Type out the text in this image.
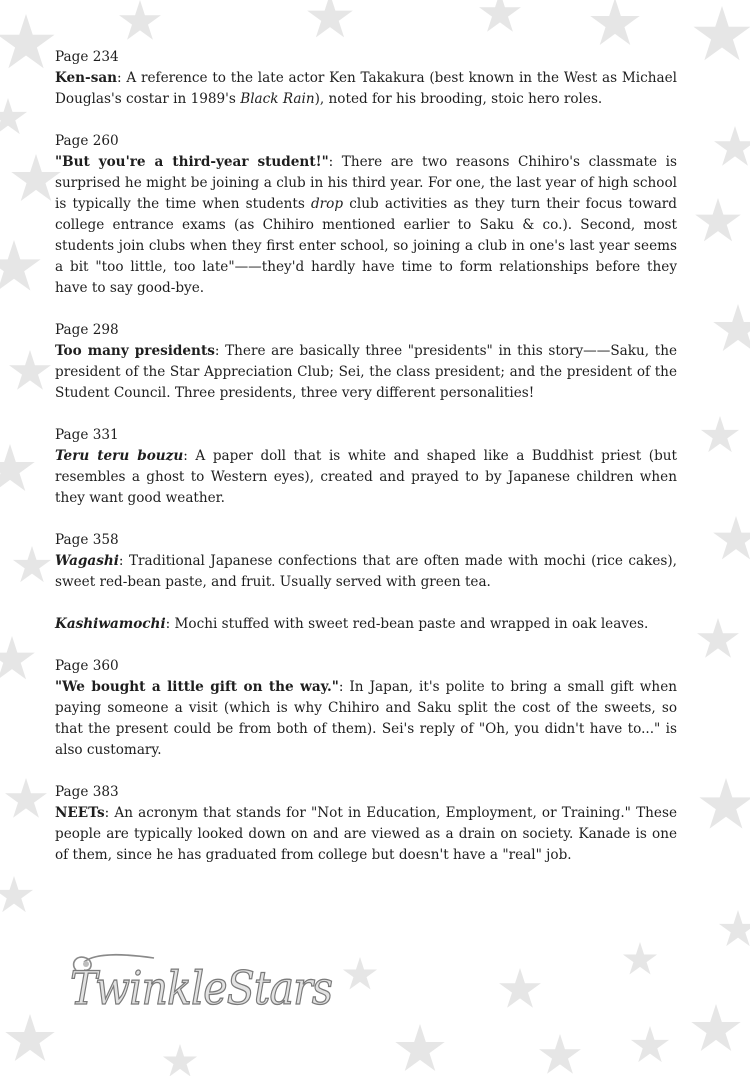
Page 234

Ken-san: A reference to the late actor Ken Takakura (best known in the West as Michael Douglas's costar in 1989's Black Rain), noted for his brooding, stoic hero roles.

Page 260

"But you're a third-year student!": There are two reasons Chihiro's classmate is surprised he might be joining a club in his third year. For one, the last year of high school is typically the time when students drop club activities as they turn their focus toward college entrance exams (as Chihiro mentioned earlier to Saku & co.). Second, most students join clubs when they first enter school, so joining a club in one's last year seems a bit "too little, too late"——they'd hardly have time to form relationships before they have to say good-bye.

Page 298

Too many presidents: There are basically three "presidents" in this story——Saku, the president of the Star Appreciation Club; Sei, the class president; and the president of the Student Council. Three presidents, three very different personalities!

Page 331

Teru teru bouzu: A paper doll that is white and shaped like a Buddhist priest (but resembles a ghost to Western eyes), created and prayed to by Japanese children when they want good weather.

Page 358

Wagashi: Traditional Japanese confections that are often made with mochi (rice cakes), sweet red-bean paste, and fruit. Usually served with green tea.

Kashiwamochi: Mochi stuffed with sweet red-bean paste and wrapped in oak leaves.

Page 360

"We bought a little gift on the way.": In Japan, it's polite to bring a small gift when paying someone a visit (which is why Chihiro and Saku split the cost of the sweets, so that the present could be from both of them). Sei's reply of "Oh, you didn't have to..." is also customary.

Page 383

NEETs: An acronym that stands for "Not in Education, Employment, or Training." These people are typically looked down on and are viewed as a drain on society. Kanade is one of them, since he has graduated from college but doesn't have a "real" job.

TwinkleStars
